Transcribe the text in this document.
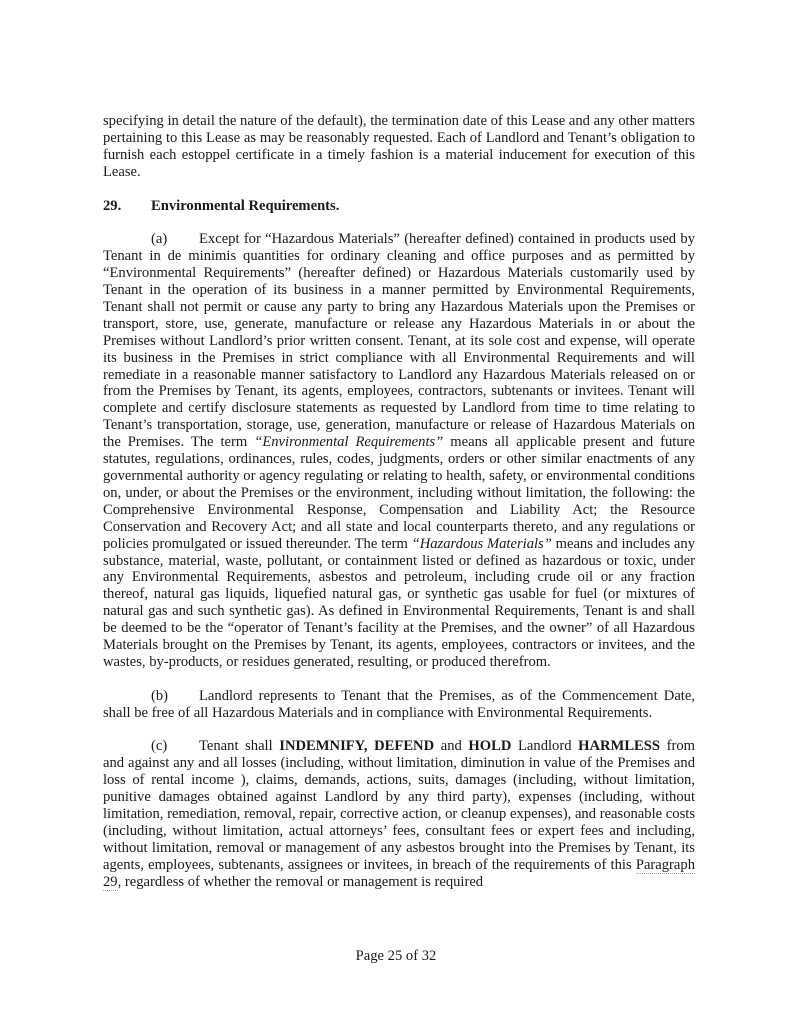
specifying in detail the nature of the default), the termination date of this Lease and any other matters pertaining to this Lease as may be reasonably requested. Each of Landlord and Tenant’s obligation to furnish each estoppel certificate in a timely fashion is a material inducement for execution of this Lease.

29. Environmental Requirements.

(a) Except for “Hazardous Materials” (hereafter defined) contained in products used by Tenant in de minimis quantities for ordinary cleaning and office purposes and as permitted by “Environmental Requirements” (hereafter defined) or Hazardous Materials customarily used by Tenant in the operation of its business in a manner permitted by Environmental Requirements, Tenant shall not permit or cause any party to bring any Hazardous Materials upon the Premises or transport, store, use, generate, manufacture or release any Hazardous Materials in or about the Premises without Landlord’s prior written consent. Tenant, at its sole cost and expense, will operate its business in the Premises in strict compliance with all Environmental Requirements and will remediate in a reasonable manner satisfactory to Landlord any Hazardous Materials released on or from the Premises by Tenant, its agents, employees, contractors, subtenants or invitees. Tenant will complete and certify disclosure statements as requested by Landlord from time to time relating to Tenant’s transportation, storage, use, generation, manufacture or release of Hazardous Materials on the Premises. The term “Environmental Requirements” means all applicable present and future statutes, regulations, ordinances, rules, codes, judgments, orders or other similar enactments of any governmental authority or agency regulating or relating to health, safety, or environmental conditions on, under, or about the Premises or the environment, including without limitation, the following: the Comprehensive Environmental Response, Compensation and Liability Act; the Resource Conservation and Recovery Act; and all state and local counterparts thereto, and any regulations or policies promulgated or issued thereunder. The term “Hazardous Materials” means and includes any substance, material, waste, pollutant, or containment listed or defined as hazardous or toxic, under any Environmental Requirements, asbestos and petroleum, including crude oil or any fraction thereof, natural gas liquids, liquefied natural gas, or synthetic gas usable for fuel (or mixtures of natural gas and such synthetic gas). As defined in Environmental Requirements, Tenant is and shall be deemed to be the “operator of Tenant’s facility at the Premises, and the owner” of all Hazardous Materials brought on the Premises by Tenant, its agents, employees, contractors or invitees, and the wastes, by-products, or residues generated, resulting, or produced therefrom.

(b) Landlord represents to Tenant that the Premises, as of the Commencement Date, shall be free of all Hazardous Materials and in compliance with Environmental Requirements.

(c) Tenant shall INDEMNIFY, DEFEND and HOLD Landlord HARMLESS from and against any and all losses (including, without limitation, diminution in value of the Premises and loss of rental income ), claims, demands, actions, suits, damages (including, without limitation, punitive damages obtained against Landlord by any third party), expenses (including, without limitation, remediation, removal, repair, corrective action, or cleanup expenses), and reasonable costs (including, without limitation, actual attorneys’ fees, consultant fees or expert fees and including, without limitation, removal or management of any asbestos brought into the Premises by Tenant, its agents, employees, subtenants, assignees or invitees, in breach of the requirements of this Paragraph 29, regardless of whether the removal or management is required

Page 25 of 32
